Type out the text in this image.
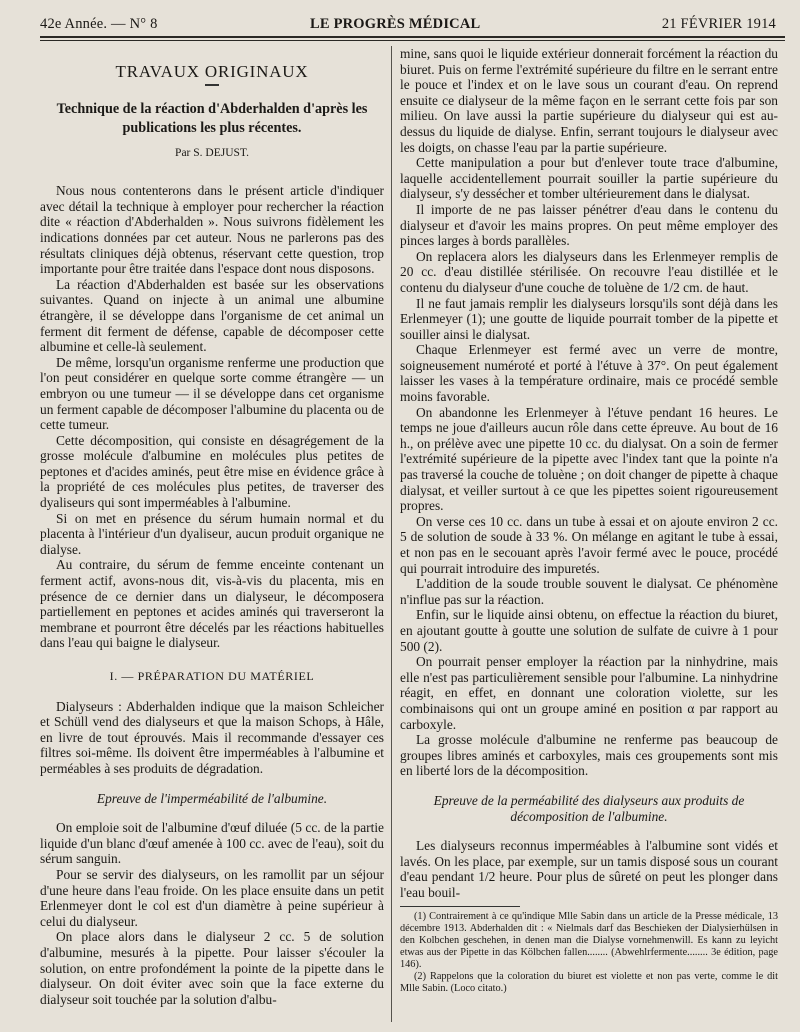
42e Année. — N° 8	LE PROGRÈS MÉDICAL	21 FÉVRIER 1914
TRAVAUX ORIGINAUX
Technique de la réaction d'Abderhalden d'après les publications les plus récentes.
Par S. DEJUST.

Nous nous contenterons dans le présent article d'indiquer avec détail la technique à employer pour rechercher la réaction dite « réaction d'Abderhalden ». Nous suivrons fidèlement les indications données par cet auteur. Nous ne parlerons pas des résultats cliniques déjà obtenus, réservant cette question, trop importante pour être traitée dans l'espace dont nous disposons.

La réaction d'Abderhalden est basée sur les observations suivantes. Quand on injecte à un animal une albumine étrangère, il se développe dans l'organisme de cet animal un ferment dit ferment de défense, capable de décomposer cette albumine et celle-là seulement.

De même, lorsqu'un organisme renferme une production que l'on peut considérer en quelque sorte comme étrangère — un embryon ou une tumeur — il se développe dans cet organisme un ferment capable de décomposer l'albumine du placenta ou de cette tumeur.

Cette décomposition, qui consiste en désagrégement de la grosse molécule d'albumine en molécules plus petites de peptones et d'acides aminés, peut être mise en évidence grâce à la propriété de ces molécules plus petites, de traverser des dyaliseurs qui sont imperméables à l'albumine.

Si on met en présence du sérum humain normal et du placenta à l'intérieur d'un dyaliseur, aucun produit organique ne dialyse.

Au contraire, du sérum de femme enceinte contenant un ferment actif, avons-nous dit, vis-à-vis du placenta, mis en présence de ce dernier dans un dialyseur, le décomposera partiellement en peptones et acides aminés qui traverseront la membrane et pourront être décelés par les réactions habituelles dans l'eau qui baigne le dialyseur.

I. — PRÉPARATION DU MATÉRIEL

Dialyseurs : Abderhalden indique que la maison Schleicher et Schüll vend des dialyseurs et que la maison Schops, à Hâle, en livre de tout éprouvés. Mais il recommande d'essayer ces filtres soi-même. Ils doivent être imperméables à l'albumine et perméables à ses produits de dégradation.

Epreuve de l'imperméabilité de l'albumine.

On emploie soit de l'albumine d'œuf diluée (5 cc. de la partie liquide d'un blanc d'œuf amenée à 100 cc. avec de l'eau), soit du sérum sanguin.

Pour se servir des dialyseurs, on les ramollit par un séjour d'une heure dans l'eau froide. On les place ensuite dans un petit Erlenmeyer dont le col est d'un diamètre à peine supérieur à celui du dialyseur.

On place alors dans le dialyseur 2 cc. 5 de solution d'albumine, mesurés à la pipette. Pour laisser s'écouler la solution, on entre profondément la pointe de la pipette dans le dialyseur. On doit éviter avec soin que la face externe du dialyseur soit touchée par la solution d'albu-

mine, sans quoi le liquide extérieur donnerait forcément la réaction du biuret. Puis on ferme l'extrémité supérieure du filtre en le serrant entre le pouce et l'index et on le lave sous un courant d'eau. On reprend ensuite ce dialyseur de la même façon en le serrant cette fois par son milieu. On lave aussi la partie supérieure du dialyseur qui est au-dessus du liquide de dialyse. Enfin, serrant toujours le dialyseur avec les doigts, on chasse l'eau par la partie supérieure.

Cette manipulation a pour but d'enlever toute trace d'albumine, laquelle accidentellement pourrait souiller la partie supérieure du dialyseur, s'y dessécher et tomber ultérieurement dans le dialysat.

Il importe de ne pas laisser pénétrer d'eau dans le contenu du dialyseur et d'avoir les mains propres. On peut même employer des pinces larges à bords parallèles.

On replacera alors les dialyseurs dans les Erlenmeyer remplis de 20 cc. d'eau distillée stérilisée. On recouvre l'eau distillée et le contenu du dialyseur d'une couche de toluène de 1/2 cm. de haut.

Il ne faut jamais remplir les dialyseurs lorsqu'ils sont déjà dans les Erlenmeyer (1); une goutte de liquide pourrait tomber de la pipette et souiller ainsi le dialysat.

Chaque Erlenmeyer est fermé avec un verre de montre, soigneusement numéroté et porté à l'étuve à 37°. On peut également laisser les vases à la température ordinaire, mais ce procédé semble moins favorable.

On abandonne les Erlenmeyer à l'étuve pendant 16 heures. Le temps ne joue d'ailleurs aucun rôle dans cette épreuve. Au bout de 16 h., on prélève avec une pipette 10 cc. du dialysat. On a soin de fermer l'extrémité supérieure de la pipette avec l'index tant que la pointe n'a pas traversé la couche de toluène ; on doit changer de pipette à chaque dialysat, et veiller surtout à ce que les pipettes soient rigoureusement propres.

On verse ces 10 cc. dans un tube à essai et on ajoute environ 2 cc. 5 de solution de soude à 33 %. On mélange en agitant le tube à essai, et non pas en le secouant après l'avoir fermé avec le pouce, procédé qui pourrait introduire des impuretés.

L'addition de la soude trouble souvent le dialysat. Ce phénomène n'influe pas sur la réaction.

Enfin, sur le liquide ainsi obtenu, on effectue la réaction du biuret, en ajoutant goutte à goutte une solution de sulfate de cuivre à 1 pour 500 (2).

On pourrait penser employer la réaction par la ninhydrine, mais elle n'est pas particulièrement sensible pour l'albumine. La ninhydrine réagit, en effet, en donnant une coloration violette, sur les combinaisons qui ont un groupe aminé en position α par rapport au carboxyle.

La grosse molécule d'albumine ne renferme pas beaucoup de groupes libres aminés et carboxyles, mais ces groupements sont mis en liberté lors de la décomposition.

Epreuve de la perméabilité des dialyseurs aux produits de décomposition de l'albumine.

Les dialyseurs reconnus imperméables à l'albumine sont vidés et lavés. On les place, par exemple, sur un tamis disposé sous un courant d'eau pendant 1/2 heure. Pour plus de sûreté on peut les plonger dans l'eau bouil-

(1) Contrairement à ce qu'indique Mlle Sabin dans un article de la Presse médicale, 13 décembre 1913. Abderhalden dit : « Nielmals darf das Beschieken der Dialysierhülsen in den Kolbchen geschehen, in denen man die Dialyse vornehmenwill. Es kann zu leyicht etwas aus der Pipette in das Kölbchen fallen........ (Abwehlrfermente........ 3e édition, page 146).

(2) Rappelons que la coloration du biuret est violette et non pas verte, comme le dit Mlle Sabin. (Loco citato.)
